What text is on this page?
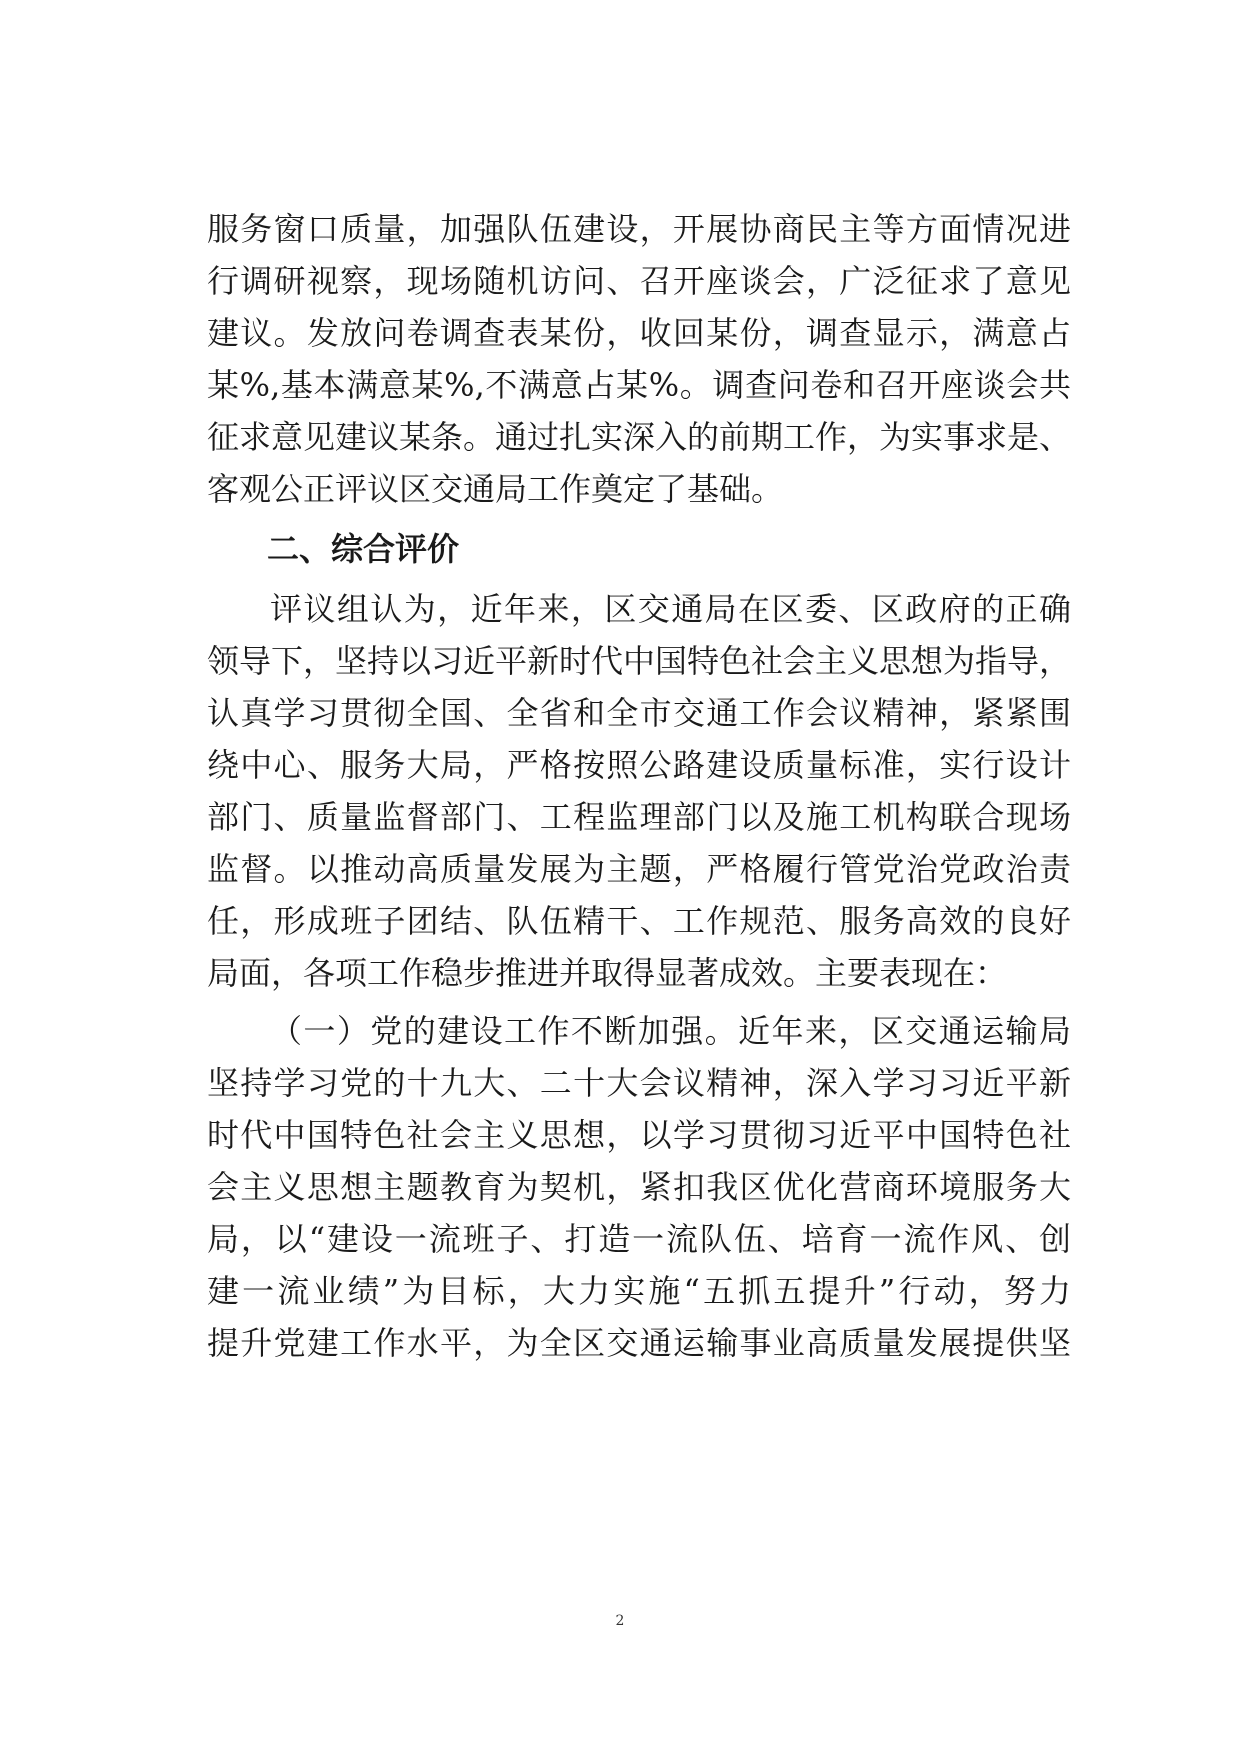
服务窗口质量，加强队伍建设，开展协商民主等方面情况进
行调研视察，现场随机访问、召开座谈会，广泛征求了意见
建议。发放问卷调查表某份，收回某份，调查显示，满意占
某%,基本满意某%,不满意占某%。调查问卷和召开座谈会共
征求意见建议某条。通过扎实深入的前期工作，为实事求是、
客观公正评议区交通局工作奠定了基础。
二、综合评价
评议组认为，近年来，区交通局在区委、区政府的正确
领导下，坚持以习近平新时代中国特色社会主义思想为指导，
认真学习贯彻全国、全省和全市交通工作会议精神，紧紧围
绕中心、服务大局，严格按照公路建设质量标准，实行设计
部门、质量监督部门、工程监理部门以及施工机构联合现场
监督。以推动高质量发展为主题，严格履行管党治党政治责
任，形成班子团结、队伍精干、工作规范、服务高效的良好
局面，各项工作稳步推进并取得显著成效。主要表现在：
（一）党的建设工作不断加强。近年来，区交通运输局
坚持学习党的十九大、二十大会议精神，深入学习习近平新
时代中国特色社会主义思想，以学习贯彻习近平中国特色社
会主义思想主题教育为契机，紧扣我区优化营商环境服务大
局，以“建设一流班子、打造一流队伍、培育一流作风、创
建一流业绩”为目标，大力实施“五抓五提升”行动，努力
提升党建工作水平，为全区交通运输事业高质量发展提供坚
2
